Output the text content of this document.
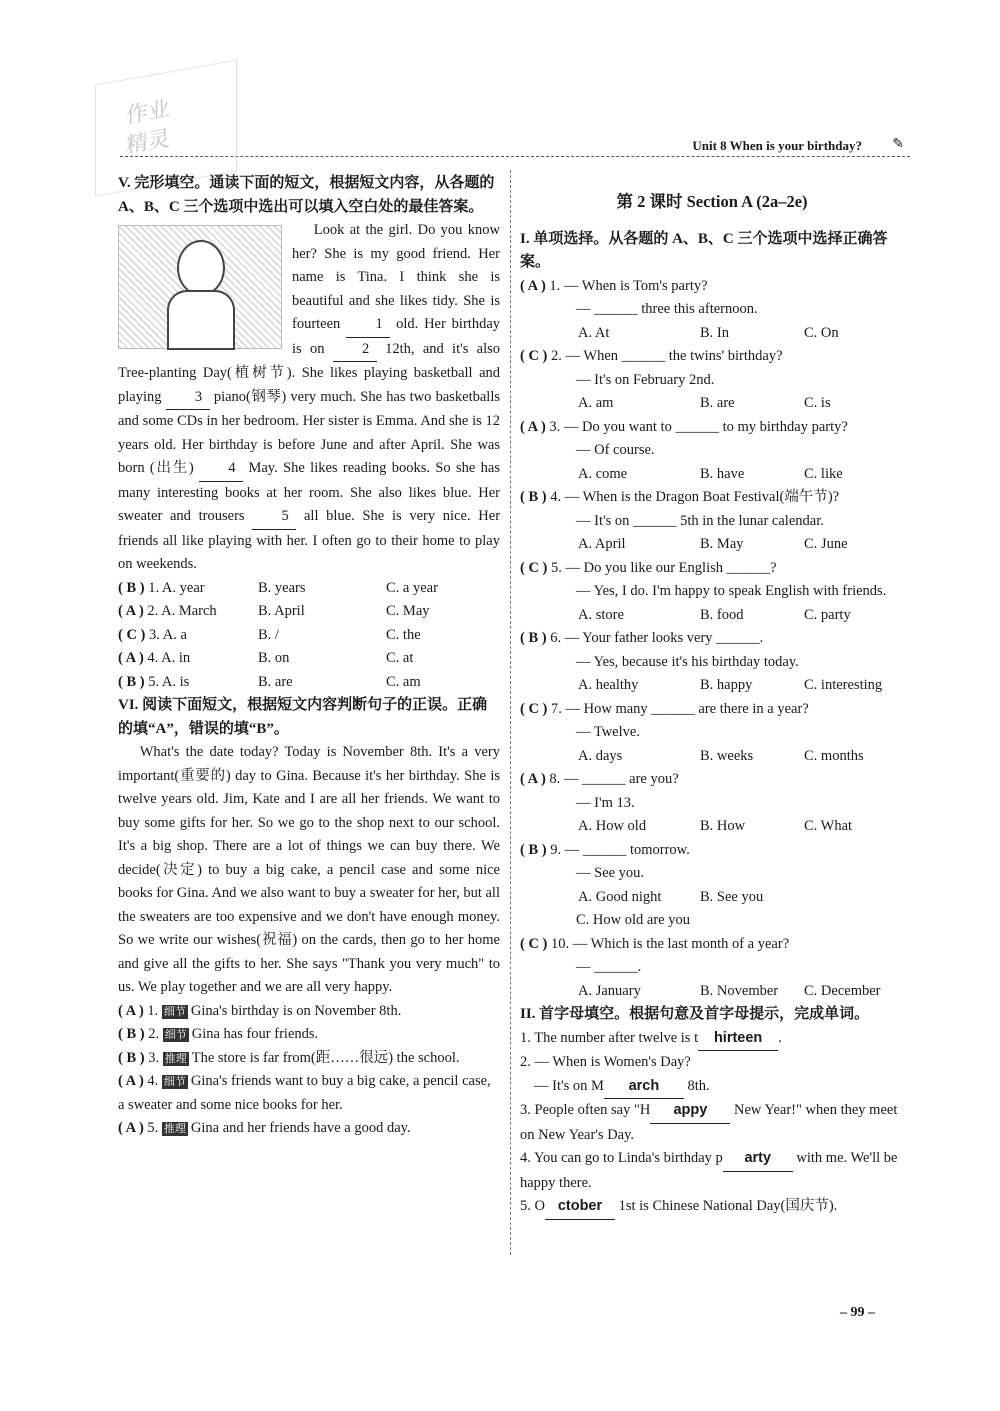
Unit 8 When is your birthday? ✎
作业
精灵

V. 完形填空。通读下面的短文，根据短文内容，从各题的 A、B、C 三个选项中选出可以填入空白处的最佳答案。

Look at the girl. Do you know her? She is my good friend. Her name is Tina. I think she is beautiful and she likes tidy. She is fourteen 1 old. Her birthday is on	2 12th, and it's also Tree-planting Day(植树节). She likes playing basketball and playing 3 piano(钢琴) very much. She has two basketballs and some CDs in her bedroom. Her sister is Emma. And she is 12 years old. Her birthday is before June and after April. She was born (出生) 4 May. She likes reading books. So she has many interesting books at her room. She also likes blue. Her sweater and trousers	5 all blue. She is very nice. Her friends all like playing with her. I often go to their home to play on weekends.

( B ) 1. A. year	B. years	C. a year
( A ) 2. A. March	B. April	C. May
( C ) 3. A. a	B. /	C. the
( A ) 4. A. in	B. on	C. at
( B ) 5. A. is	B. are	C. am

VI. 阅读下面短文，根据短文内容判断句子的正误。正确的填“A”，错误的填“B”。

What's the date today? Today is November 8th. It's a very important(重要的) day to Gina. Because it's her birthday. She is twelve years old. Jim, Kate and I are all her friends. We want to buy some gifts for her. So we go to the shop next to our school. It's a big shop. There are a lot of things we can buy there. We decide(决定) to buy a big cake, a pencil case and some nice books for Gina. And we also want to buy a sweater for her, but all the sweaters are too expensive and we don't have enough money. So we write our wishes(祝福) on the cards, then go to her home and give all the gifts to her. She says "Thank you very much" to us. We play together and we are all very happy.

( A ) 1. 细节 Gina's birthday is on November 8th.

( B ) 2. 细节 Gina has four friends.

( B ) 3. 推理 The store is far from(距……很远) the school.

( A ) 4. 细节 Gina's friends want to buy a big cake, a pencil case, a sweater and some nice books for her.

( A ) 5. 推理 Gina and her friends have a good day.

第 2 课时 Section A (2a–2e)

I. 单项选择。从各题的 A、B、C 三个选项中选择正确答案。

( A ) 1. — When is Tom's party?

— ______ three this afternoon.

A. At	B. In	C. On

( C ) 2. — When ______ the twins' birthday?

— It's on February 2nd.

A. am	B. are	C. is

( A ) 3. — Do you want to ______ to my birthday party?

— Of course.

A. come	B. have	C. like

( B ) 4. — When is the Dragon Boat Festival(端午节)?

— It's on ______ 5th in the lunar calendar.

A. April	B. May	C. June

( C ) 5. — Do you like our English ______?

— Yes, I do. I'm happy to speak English with friends.

A. store	B. food	C. party

( B ) 6. — Your father looks very ______.

— Yes, because it's his birthday today.

A. healthy	B. happy	C. interesting

( C ) 7. — How many ______ are there in a year?

— Twelve.

A. days	B. weeks	C. months

( A ) 8. — ______ are you?

— I'm 13.

A. How old	B. How	C. What

( B ) 9. — ______ tomorrow.

— See you.

A. Good night	B. See you

C. How old are you

( C ) 10. — Which is the last month of a year?

— ______.

A. January	B. November	C. December

II. 首字母填空。根据句意及首字母提示，完成单词。

1. The number after twelve is t hirteen .

2. — When is Women's Day?

— It's on M arch 8th.

3. People often say "H appy New Year!" when they meet on New Year's Day.

4. You can go to Linda's birthday p arty with me. We'll be happy there.

5. O ctober 1st is Chinese National Day(国庆节).

– 99 –
